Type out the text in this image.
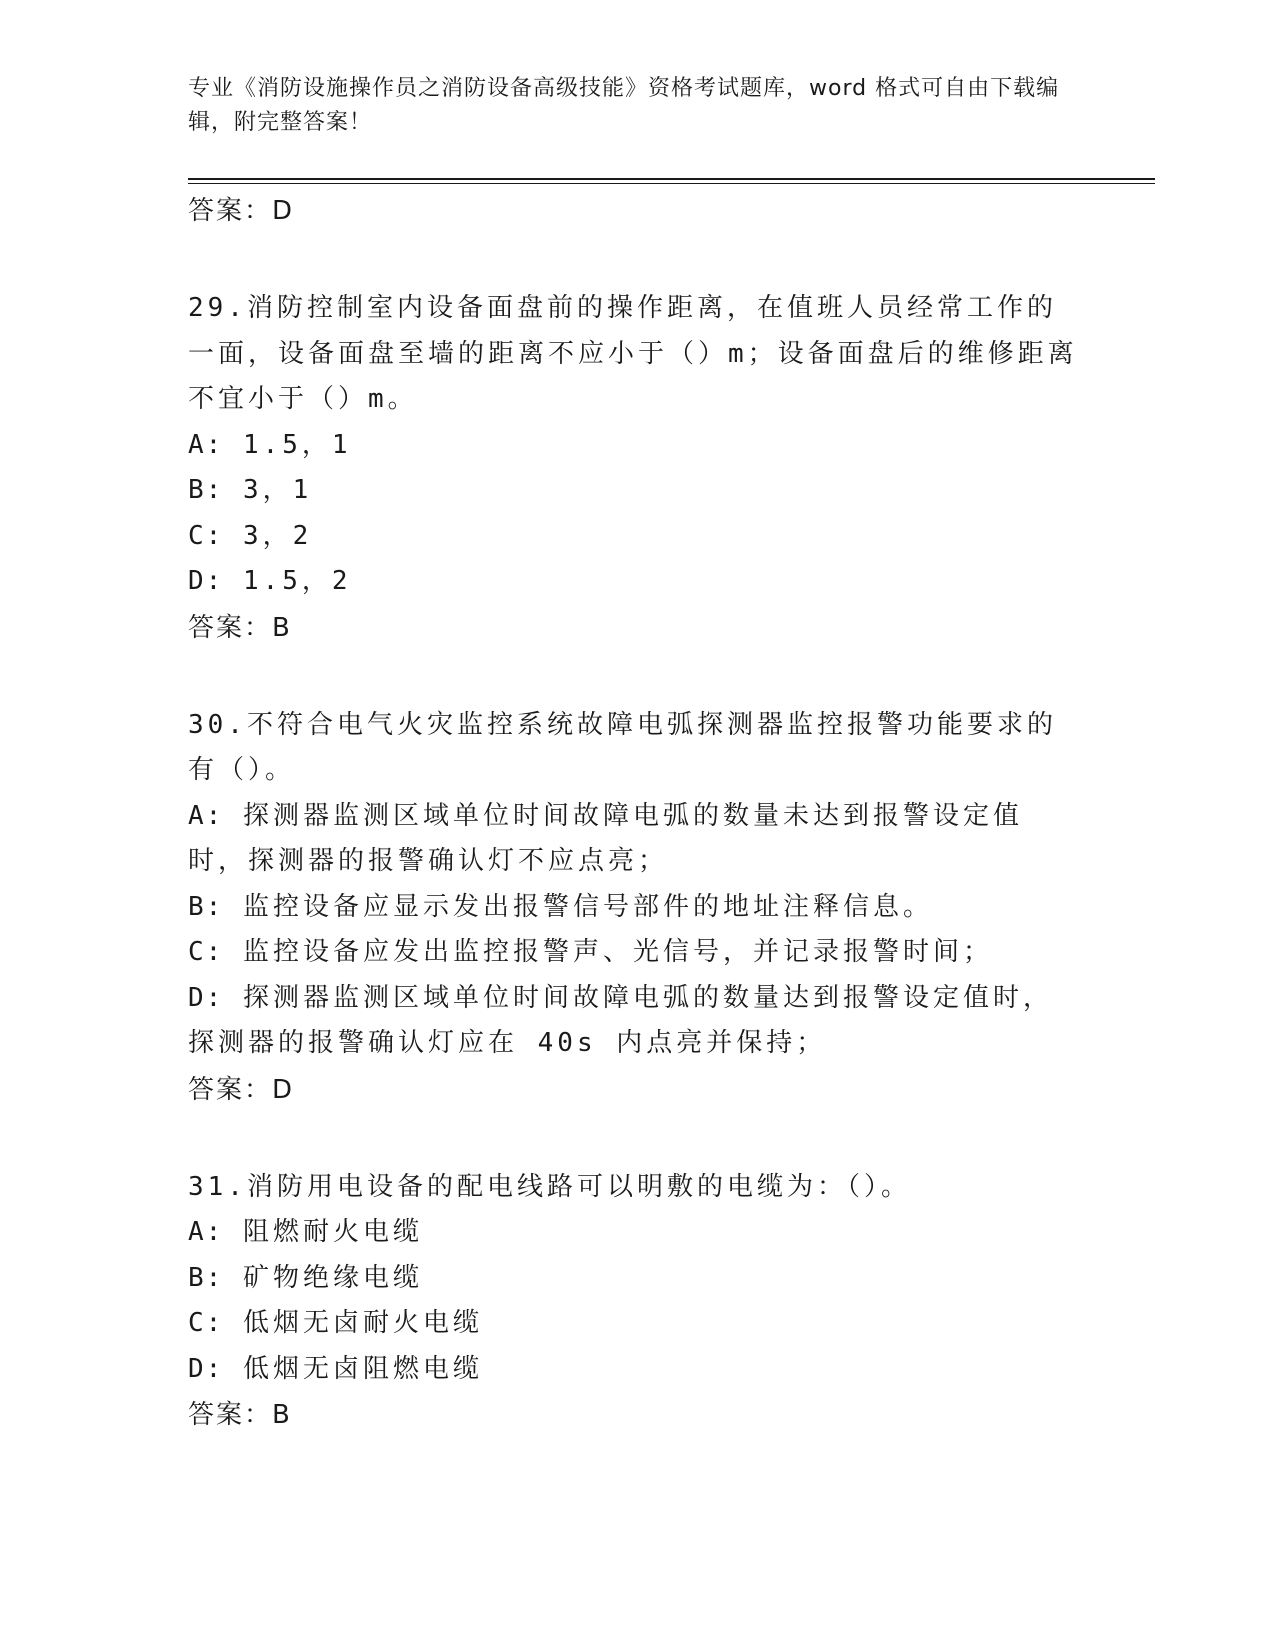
专业《消防设施操作员之消防设备高级技能》资格考试题库，word 格式可自由下载编辑，附完整答案！
答案：D
29.消防控制室内设备面盘前的操作距离，在值班人员经常工作的一面，设备面盘至墙的距离不应小于（）m；设备面盘后的维修距离不宜小于（）m。
A: 1.5，1
B: 3，1
C: 3，2
D: 1.5，2
答案：B
30.不符合电气火灾监控系统故障电弧探测器监控报警功能要求的有（）。
A: 探测器监测区域单位时间故障电弧的数量未达到报警设定值时，探测器的报警确认灯不应点亮；
B: 监控设备应显示发出报警信号部件的地址注释信息。
C: 监控设备应发出监控报警声、光信号，并记录报警时间；
D: 探测器监测区域单位时间故障电弧的数量达到报警设定值时，探测器的报警确认灯应在 40s 内点亮并保持；
答案：D
31.消防用电设备的配电线路可以明敷的电缆为：（）。
A: 阻燃耐火电缆
B: 矿物绝缘电缆
C: 低烟无卤耐火电缆
D: 低烟无卤阻燃电缆
答案：B
